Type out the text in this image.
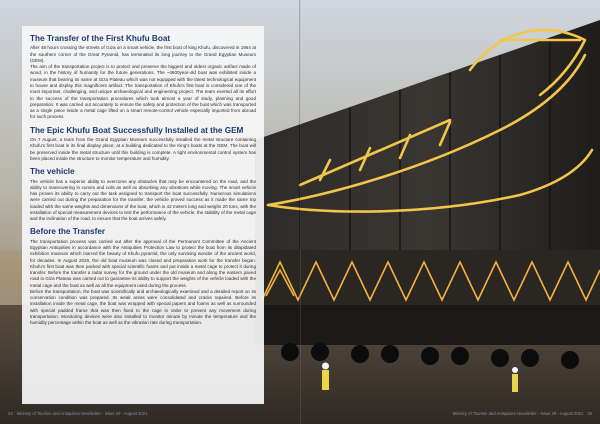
The Transfer of the First Khufu Boat

After 48 hours crossing the streets of Giza on a smart vehicle, the first boat of king Khufu, discovered in 1954 at the southern corner of the Great Pyramid, has terminated its long journey to the Grand Egyptian Museum (GEM).

The aim of the transportation project is to protect and preserve the biggest and oldest organic artifact made of wood, in the history of humanity for the future generations. The ~4600year-old boat was exhibited inside a museum that bearing its name at Giza Plateau which was not equipped with the latest technological equipment to house and display this magnificent artifact. The transportation of Khufu's first boat is considered one of the most important, challenging, and unique archaeological and engineering project. The team exerted all its effort to the success of the transportation procedures which took almost a year of study, planning and good preparation. It was carried out accurately to ensure the safety and protection of the boat which was transported as a single piece inside a metal cage lifted on a smart remote-control vehicle especially imported from abroad for such process.

The Epic Khufu Boat Successfully Installed at the GEM

On 7 August, a team from the Grand Egyptian Museum successfully installed the metal structure containing Khufu's first boat in its final display place; at a building dedicated to the King's boats at the GEM. The boat will be preserved inside the metal structure until this building is complete. A tight environmental control system has been placed inside the structure to monitor temperature and humidity.

The vehicle

The vehicle has a superior ability to overcome any obstacles that may be encountered on the road, and the ability to maneuvering in curves and coils as well as absorbing any vibrations while moving. The smart vehicle has proven its ability to carry out the task assigned to transport the boat successfully. Numerous simulations were carried out during the preparation for the transfer, the vehicle proved success as it made the same trip loaded with the same weights and dimensions of the boat, which is 42 meters long and weighs 20 tons, with the installation of special measurement devices to test the performance of the vehicle, the stability of the metal cage and the inclination of the road, to ensure that the boat arrives safely.

Before the Transfer

The transportation process was carried out after the approval of the Permanent Committee of the Ancient Egyptian Antiquities in accordance with the Antiquities Protection Law to protect the boat from its dilapidated exhibition museum which marred the beauty of Khufu pyramid, the only surviving wonder of the ancient world, for decades. In August 2020, the old boat museum was closed and preparation work for the transfer began. Khufu's first boat was then packed with special scientific foams and put inside a metal cage to protect it during transfer. Before the transfer a radar survey for the ground under the old museum and along the eastern paved road in Giza Plateau was carried out to guarantee its ability to support the weights of the vehicle loaded with the metal cage and the boat as well as all the equipment used during the process.

Before the transportation, the boat was scientifically and archaeologically examined and a detailed report on its conservation condition was prepared. Its weak areas were consolidated and cracks repaired. Before its installation inside the metal cage, the boat was wrapped with special papers and foams as well as surrounded with special padded frame that was then fixed to the cage in order to prevent any movement during transportation. Monitoring devices were also installed to monitor minute by minute the temperature and the humidity percentage within the boat as well as the vibration rate during transportation.

24 Ministry of Tourism and Antiquities Newsletter - Issue 29 - August 2021	Ministry of Tourism and Antiquities Newsletter - Issue 29 - August 2021 25
